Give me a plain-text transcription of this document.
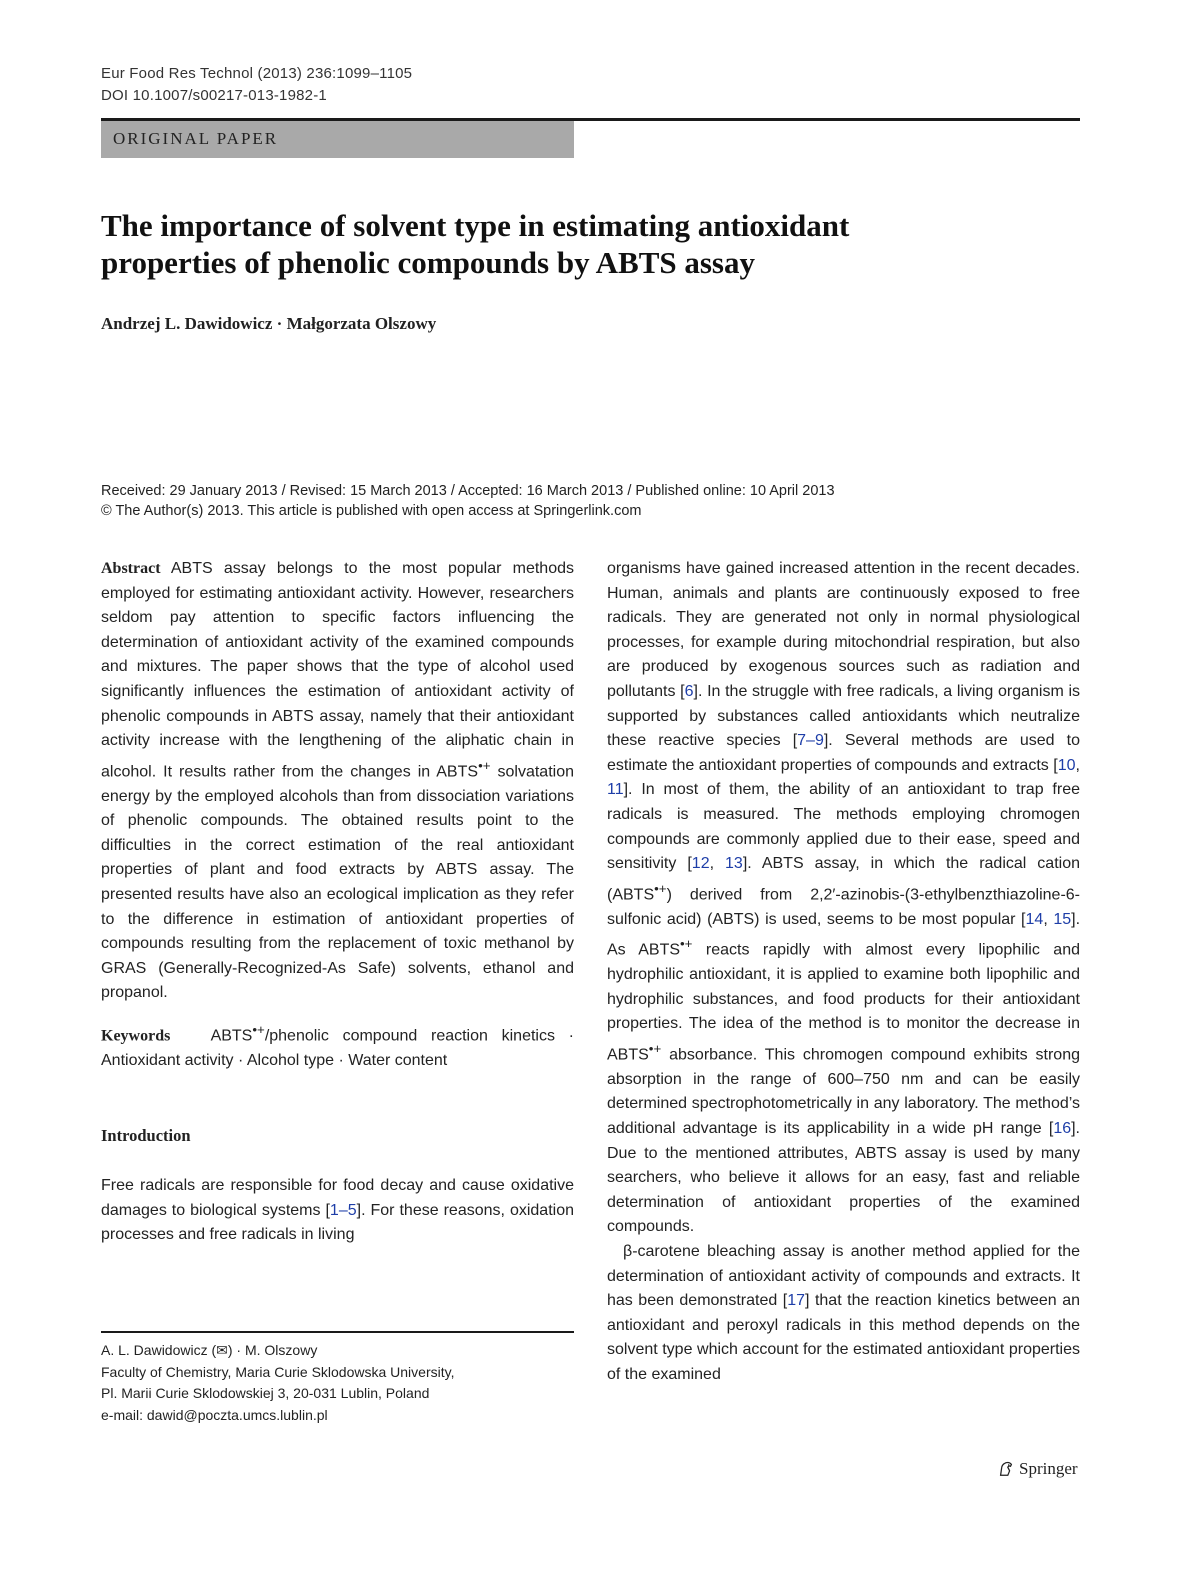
Eur Food Res Technol (2013) 236:1099–1105
DOI 10.1007/s00217-013-1982-1
ORIGINAL PAPER
The importance of solvent type in estimating antioxidant
properties of phenolic compounds by ABTS assay
Andrzej L. Dawidowicz · Małgorzata Olszowy
Received: 29 January 2013 / Revised: 15 March 2013 / Accepted: 16 March 2013 / Published online: 10 April 2013
© The Author(s) 2013. This article is published with open access at Springerlink.com

Abstract ABTS assay belongs to the most popular methods employed for estimating antioxidant activity. However, researchers seldom pay attention to specific factors influencing the determination of antioxidant activity of the examined compounds and mixtures. The paper shows that the type of alcohol used significantly influences the estimation of antioxidant activity of phenolic compounds in ABTS assay, namely that their antioxidant activity increase with the lengthening of the aliphatic chain in alcohol. It results rather from the changes in ABTS•+ solvatation energy by the employed alcohols than from dissociation variations of phenolic compounds. The obtained results point to the difficulties in the correct estimation of the real antioxidant properties of plant and food extracts by ABTS assay. The presented results have also an ecological implication as they refer to the difference in estimation of antioxidant properties of compounds resulting from the replacement of toxic methanol by GRAS (Generally-Recognized-As Safe) solvents, ethanol and propanol.

Keywords	ABTS•+/phenolic compound reaction kinetics · Antioxidant activity · Alcohol type · Water content

Introduction

Free radicals are responsible for food decay and cause oxidative damages to biological systems [1–5]. For these reasons, oxidation processes and free radicals in living

A. L. Dawidowicz (✉) · M. Olszowy
Faculty of Chemistry, Maria Curie Sklodowska University,
Pl. Marii Curie Sklodowskiej 3, 20-031 Lublin, Poland
e-mail: dawid@poczta.umcs.lublin.pl

organisms have gained increased attention in the recent decades. Human, animals and plants are continuously exposed to free radicals. They are generated not only in normal physiological processes, for example during mitochondrial respiration, but also are produced by exogenous sources such as radiation and pollutants [6]. In the struggle with free radicals, a living organism is supported by substances called antioxidants which neutralize these reactive species [7–9]. Several methods are used to estimate the antioxidant properties of compounds and extracts [10, 11]. In most of them, the ability of an antioxidant to trap free radicals is measured. The methods employing chromogen compounds are commonly applied due to their ease, speed and sensitivity [12, 13]. ABTS assay, in which the radical cation (ABTS•+) derived from 2,2′-azinobis-(3-ethylbenzthiazoline-6-sulfonic acid) (ABTS) is used, seems to be most popular [14, 15]. As ABTS•+ reacts rapidly with almost every lipophilic and hydrophilic antioxidant, it is applied to examine both lipophilic and hydrophilic substances, and food products for their antioxidant properties. The idea of the method is to monitor the decrease in ABTS•+ absorbance. This chromogen compound exhibits strong absorption in the range of 600–750 nm and can be easily determined spectrophotometrically in any laboratory. The method’s additional advantage is its applicability in a wide pH range [16]. Due to the mentioned attributes, ABTS assay is used by many searchers, who believe it allows for an easy, fast and reliable determination of antioxidant properties of the examined compounds.

β-carotene bleaching assay is another method applied for the determination of antioxidant activity of compounds and extracts. It has been demonstrated [17] that the reaction kinetics between an antioxidant and peroxyl radicals in this method depends on the solvent type which account for the estimated antioxidant properties of the examined

Springer
